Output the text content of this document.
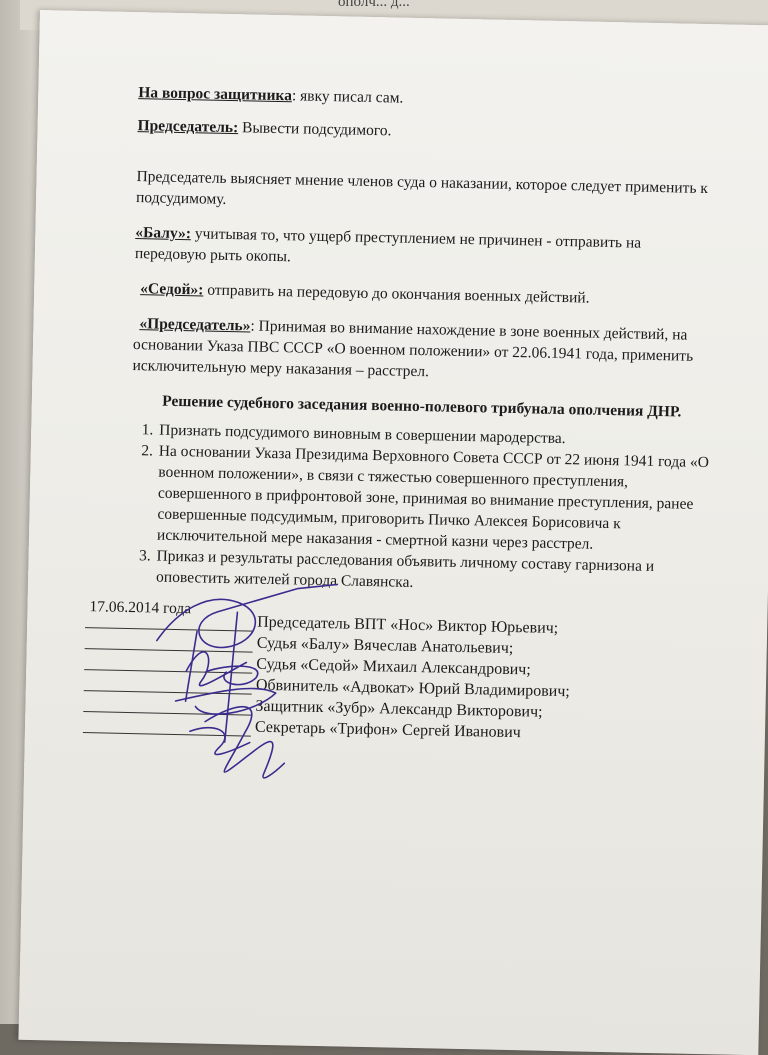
ополч... д...

На вопрос защитника: явку писал сам.

Председатель: Вывести подсудимого.

Председатель выясняет мнение членов суда о наказании, которое следует применить к подсудимому.

«Балу»: учитывая то, что ущерб преступлением не причинен - отправить на передовую рыть окопы.

«Седой»: отправить на передовую до окончания военных действий.

«Председатель»: Принимая во внимание нахождение в зоне военных действий, на основании Указа ПВС СССР «О военном положении» от 22.06.1941 года, применить исключительную меру наказания – расстрел.

Решение судебного заседания военно-полевого трибунала ополчения ДНР.

1. Признать подсудимого виновным в совершении мародерства.
2. На основании Указа Президима Верховного Совета СССР от 22 июня 1941 года «О военном положении», в связи с тяжестью совершенного преступления, совершенного в прифронтовой зоне, принимая во внимание преступления, ранее совершенные подсудимым, приговорить Пичко Алексея Борисовича к исключительной мере наказания - смертной казни через расстрел.
3. Приказ и результаты расследования объявить личному составу гарнизона и оповестить жителей города Славянска.

17.06.2014 года

Председатель ВПТ «Нос» Виктор Юрьевич;
Судья «Балу» Вячеслав Анатольевич;
Судья «Седой» Михаил Александрович;
Обвинитель «Адвокат» Юрий Владимирович;
Защитник «Зубр» Александр Викторович;
Секретарь «Трифон» Сергей Иванович
